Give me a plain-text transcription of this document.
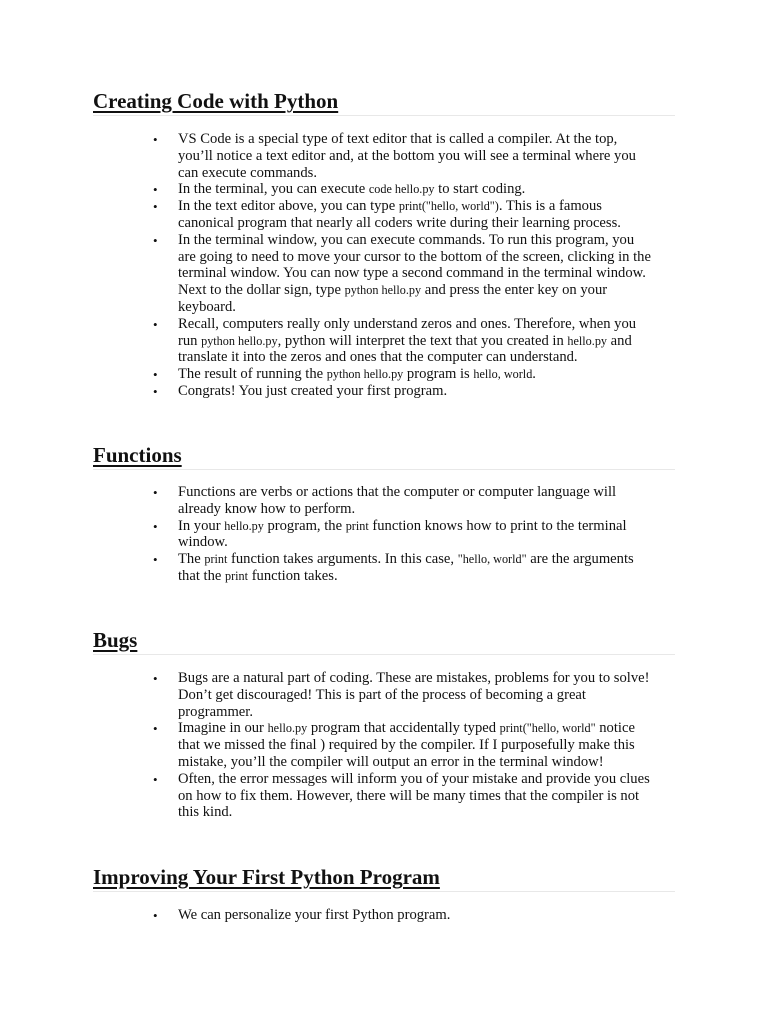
Creating Code with Python
• VS Code is a special type of text editor that is called a compiler. At the top, you’ll notice a text editor and, at the bottom you will see a terminal where you can execute commands.
• In the terminal, you can execute code hello.py to start coding.
• In the text editor above, you can type print("hello, world"). This is a famous canonical program that nearly all coders write during their learning process.
• In the terminal window, you can execute commands. To run this program, you are going to need to move your cursor to the bottom of the screen, clicking in the terminal window. You can now type a second command in the terminal window. Next to the dollar sign, type python hello.py and press the enter key on your keyboard.
• Recall, computers really only understand zeros and ones. Therefore, when you run python hello.py, python will interpret the text that you created in hello.py and translate it into the zeros and ones that the computer can understand.
• The result of running the python hello.py program is hello, world.
• Congrats! You just created your first program.
Functions
• Functions are verbs or actions that the computer or computer language will already know how to perform.
• In your hello.py program, the print function knows how to print to the terminal window.
• The print function takes arguments. In this case, "hello, world" are the arguments that the print function takes.
Bugs
• Bugs are a natural part of coding. These are mistakes, problems for you to solve! Don’t get discouraged! This is part of the process of becoming a great programmer.
• Imagine in our hello.py program that accidentally typed print("hello, world" notice that we missed the final ) required by the compiler. If I purposefully make this mistake, you’ll the compiler will output an error in the terminal window!
• Often, the error messages will inform you of your mistake and provide you clues on how to fix them. However, there will be many times that the compiler is not this kind.
Improving Your First Python Program
• We can personalize your first Python program.
